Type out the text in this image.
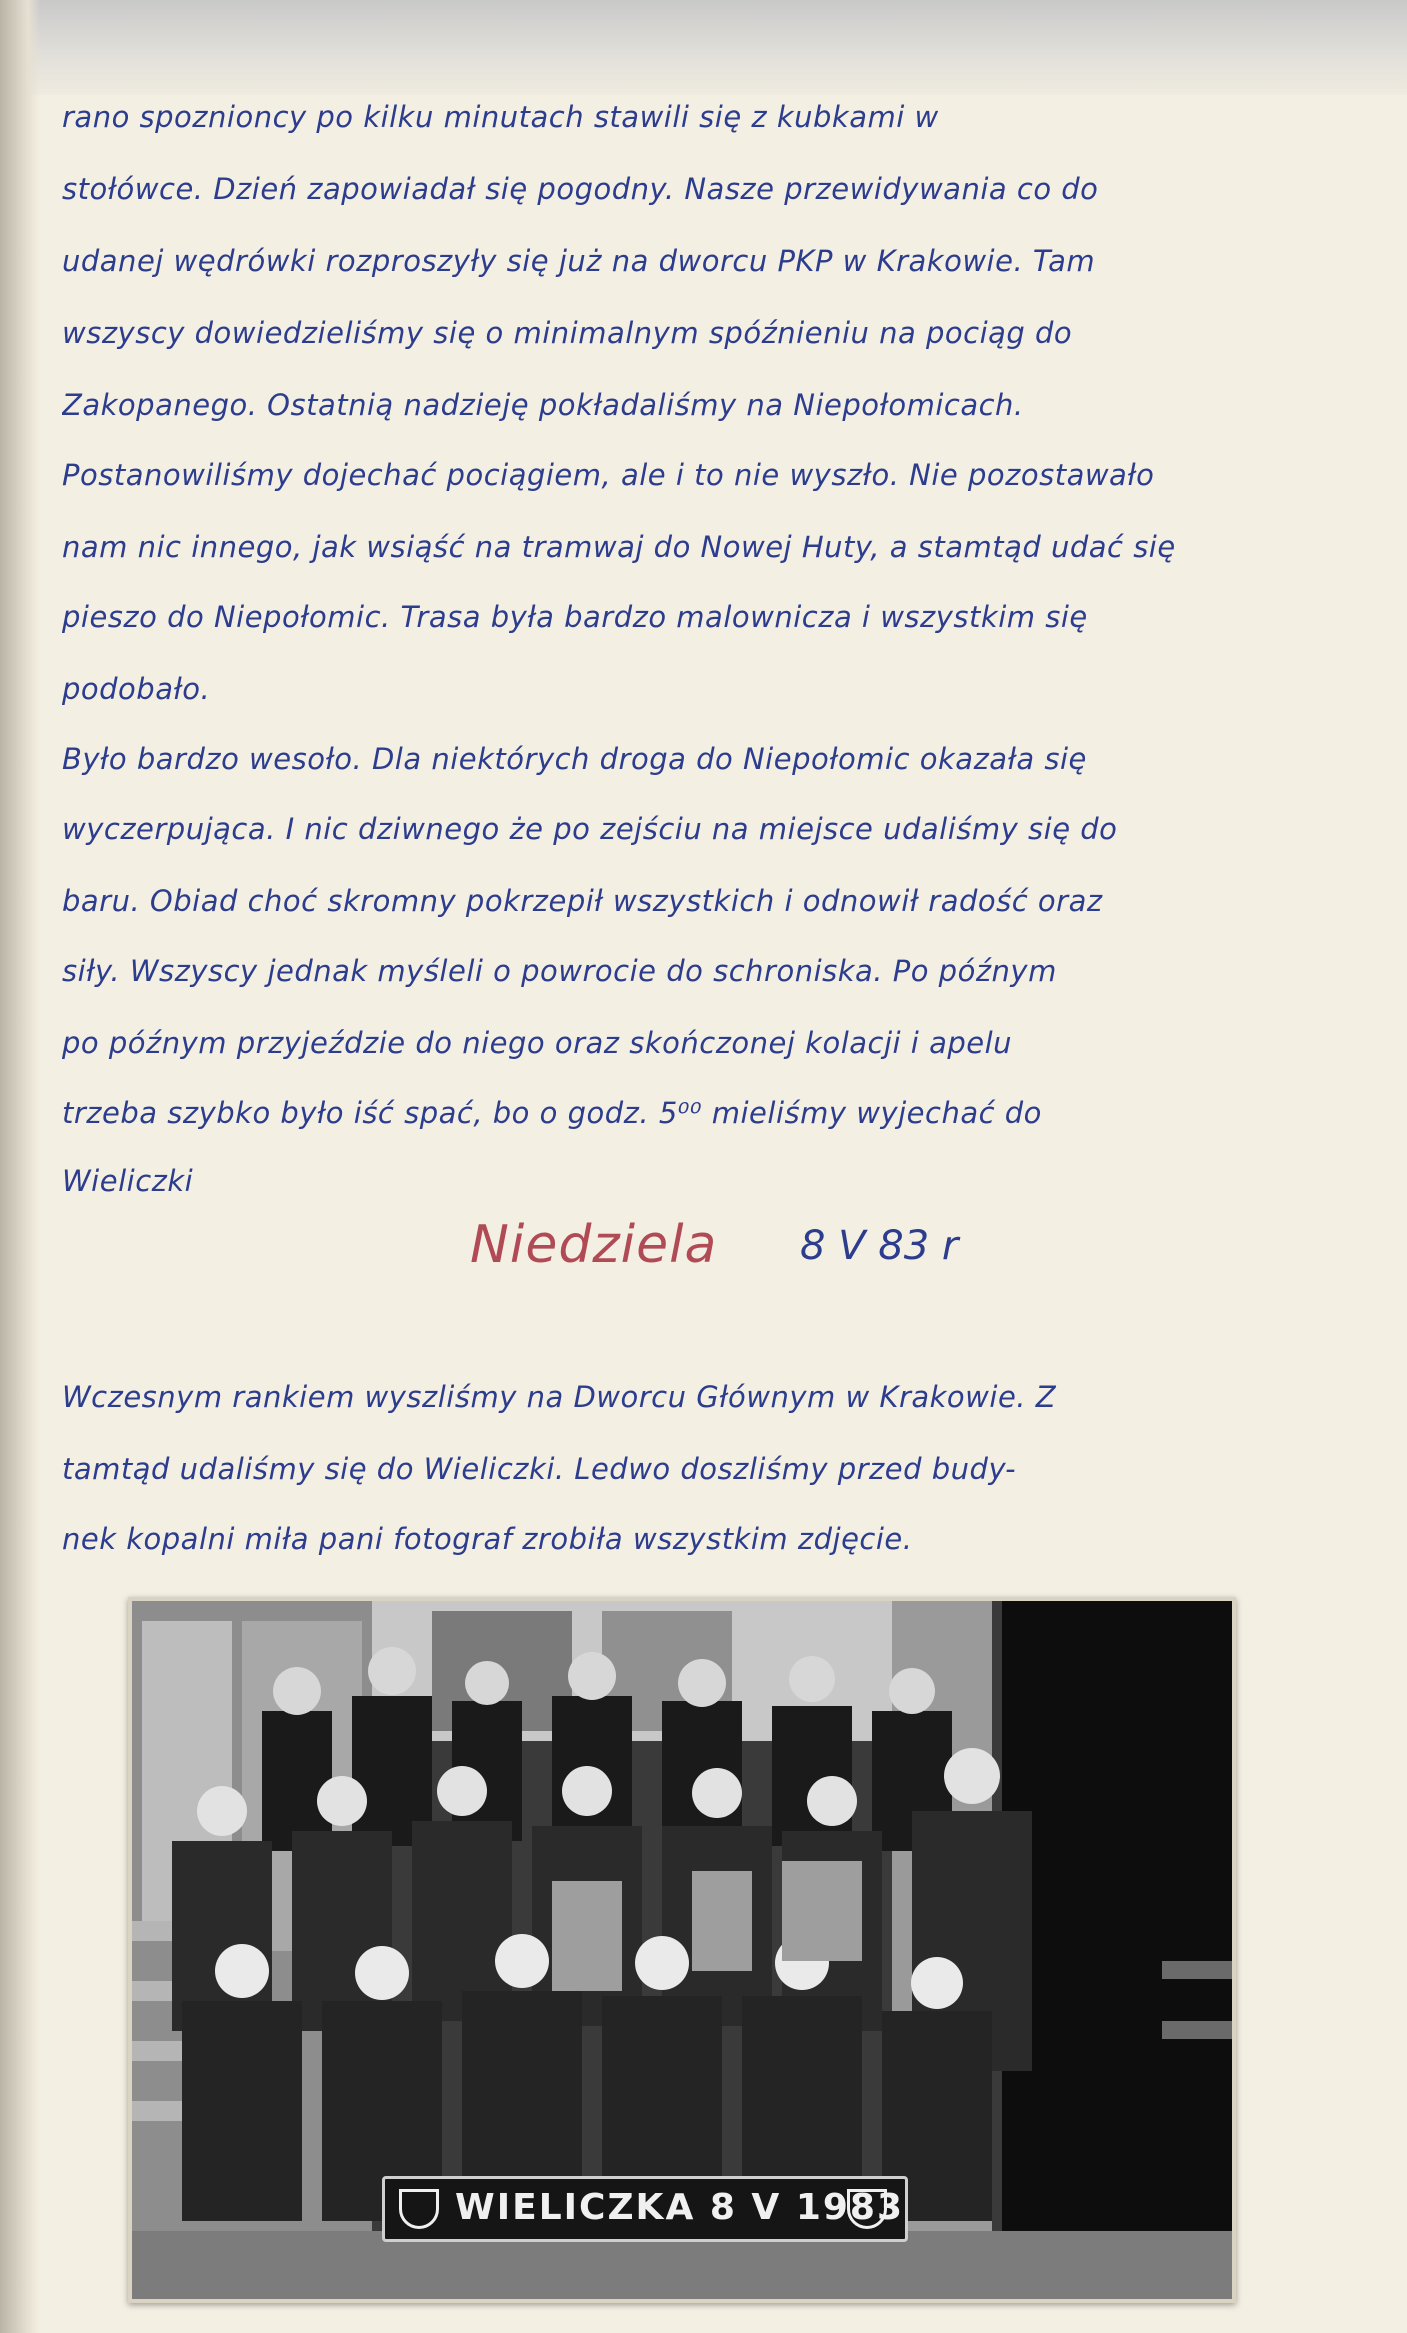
rano spoznioncy po kilku minutach stawili się z kubkami w
stołówce. Dzień zapowiadał się pogodny. Nasze przewidywania co do
udanej wędrówki rozproszyły się już na dworcu PKP w Krakowie. Tam
wszyscy dowiedzieliśmy się o minimalnym spóźnieniu na pociąg do
Zakopanego. Ostatnią nadzieję pokładaliśmy na Niepołomicach.
Postanowiliśmy dojechać pociągiem, ale i to nie wyszło. Nie pozostawało
nam nic innego, jak wsiąść na tramwaj do Nowej Huty, a stamtąd udać się
pieszo do Niepołomic. Trasa była bardzo malownicza i wszystkim się
podobało.
Było bardzo wesoło. Dla niektórych droga do Niepołomic okazała się
wyczerpująca. I nic dziwnego że po zejściu na miejsce udaliśmy się do
baru. Obiad choć skromny pokrzepił wszystkich i odnowił radość oraz
siły. Wszyscy jednak myśleli o powrocie do schroniska. Po późnym
po późnym przyjeździe do niego oraz skończonej kolacji i apelu
trzeba szybko było iść spać, bo o godz. 5⁰⁰ mieliśmy wyjechać do
Wieliczki
Niedziela 8 V 83 r
Wczesnym rankiem wyszliśmy na Dworcu Głównym w Krakowie. Z
tamtąd udaliśmy się do Wieliczki. Ledwo doszliśmy przed budy-
nek kopalni miła pani fotograf zrobiła wszystkim zdjęcie.
WIELICZKA 8 V 1983
